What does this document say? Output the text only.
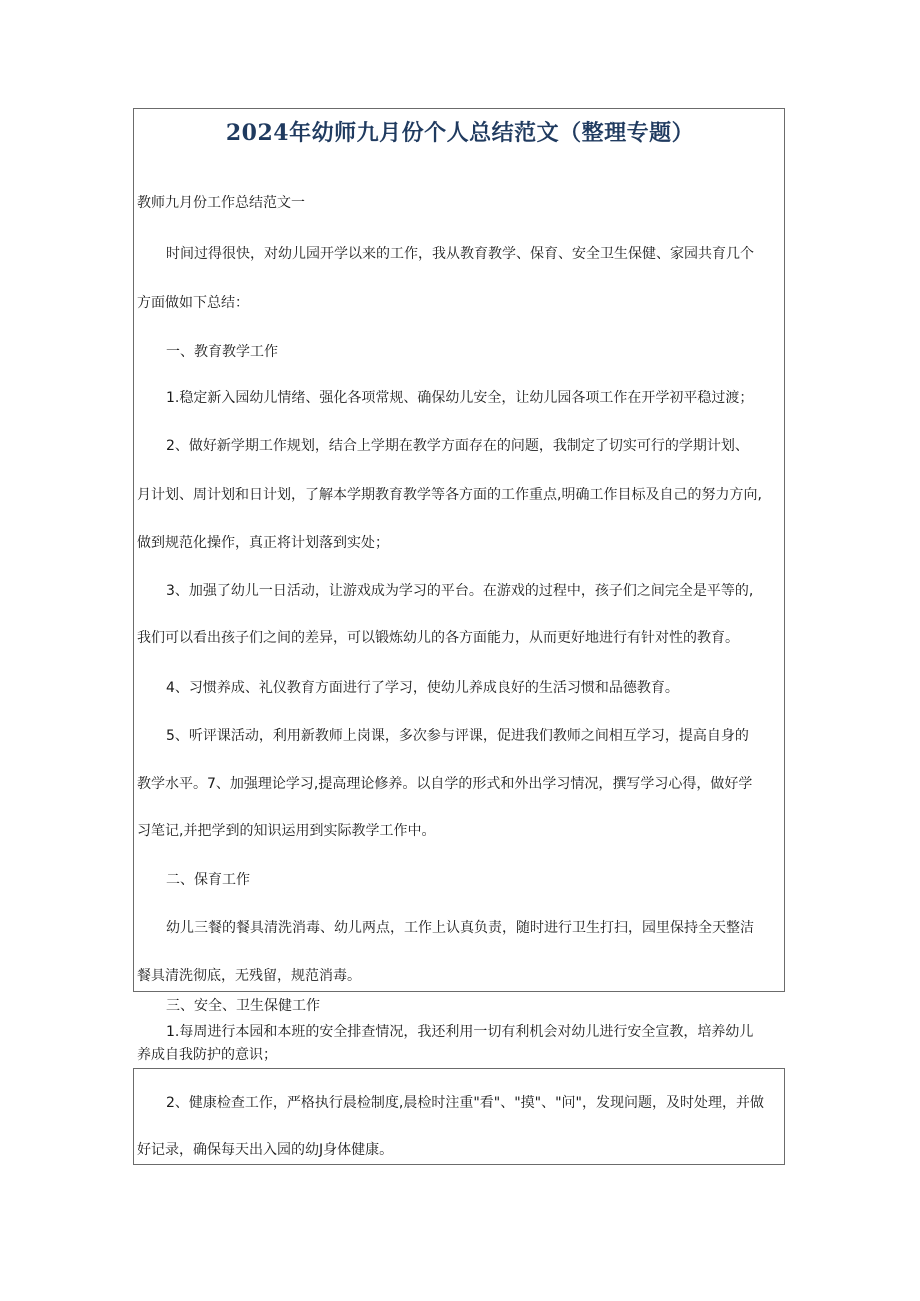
2024年幼师九月份个人总结范文（整理专题）

教师九月份工作总结范文一

时间过得很快，对幼儿园开学以来的工作，我从教育教学、保育、安全卫生保健、家园共育几个

方面做如下总结：

一、教育教学工作

1.稳定新入园幼儿情绪、强化各项常规、确保幼儿安全，让幼儿园各项工作在开学初平稳过渡；

2、做好新学期工作规划，结合上学期在教学方面存在的问题，我制定了切实可行的学期计划、

月计划、周计划和日计划，了解本学期教育教学等各方面的工作重点,明确工作目标及自己的努力方向,

做到规范化操作，真正将计划落到实处；

3、加强了幼儿一日活动，让游戏成为学习的平台。在游戏的过程中，孩子们之间完全是平等的,

我们可以看出孩子们之间的差异，可以锻炼幼儿的各方面能力，从而更好地进行有针对性的教育。

4、习惯养成、礼仪教育方面进行了学习，使幼儿养成良好的生活习惯和品德教育。

5、听评课活动，利用新教师上岗课，多次参与评课，促进我们教师之间相互学习，提高自身的

教学水平。7、加强理论学习,提高理论修养。以自学的形式和外出学习情况，撰写学习心得，做好学

习笔记,并把学到的知识运用到实际教学工作中。

二、保育工作

幼儿三餐的餐具清洗消毒、幼儿两点，工作上认真负责，随时进行卫生打扫，园里保持全天整洁

餐具清洗彻底，无残留，规范消毒。

三、安全、卫生保健工作

1.每周进行本园和本班的安全排查情况，我还利用一切有利机会对幼儿进行安全宣教，培养幼儿

养成自我防护的意识；

2、健康检查工作，严格执行晨检制度,晨检时注重"看"、"摸"、"问"，发现问题，及时处理，并做

好记录，确保每天出入园的幼J身体健康。
